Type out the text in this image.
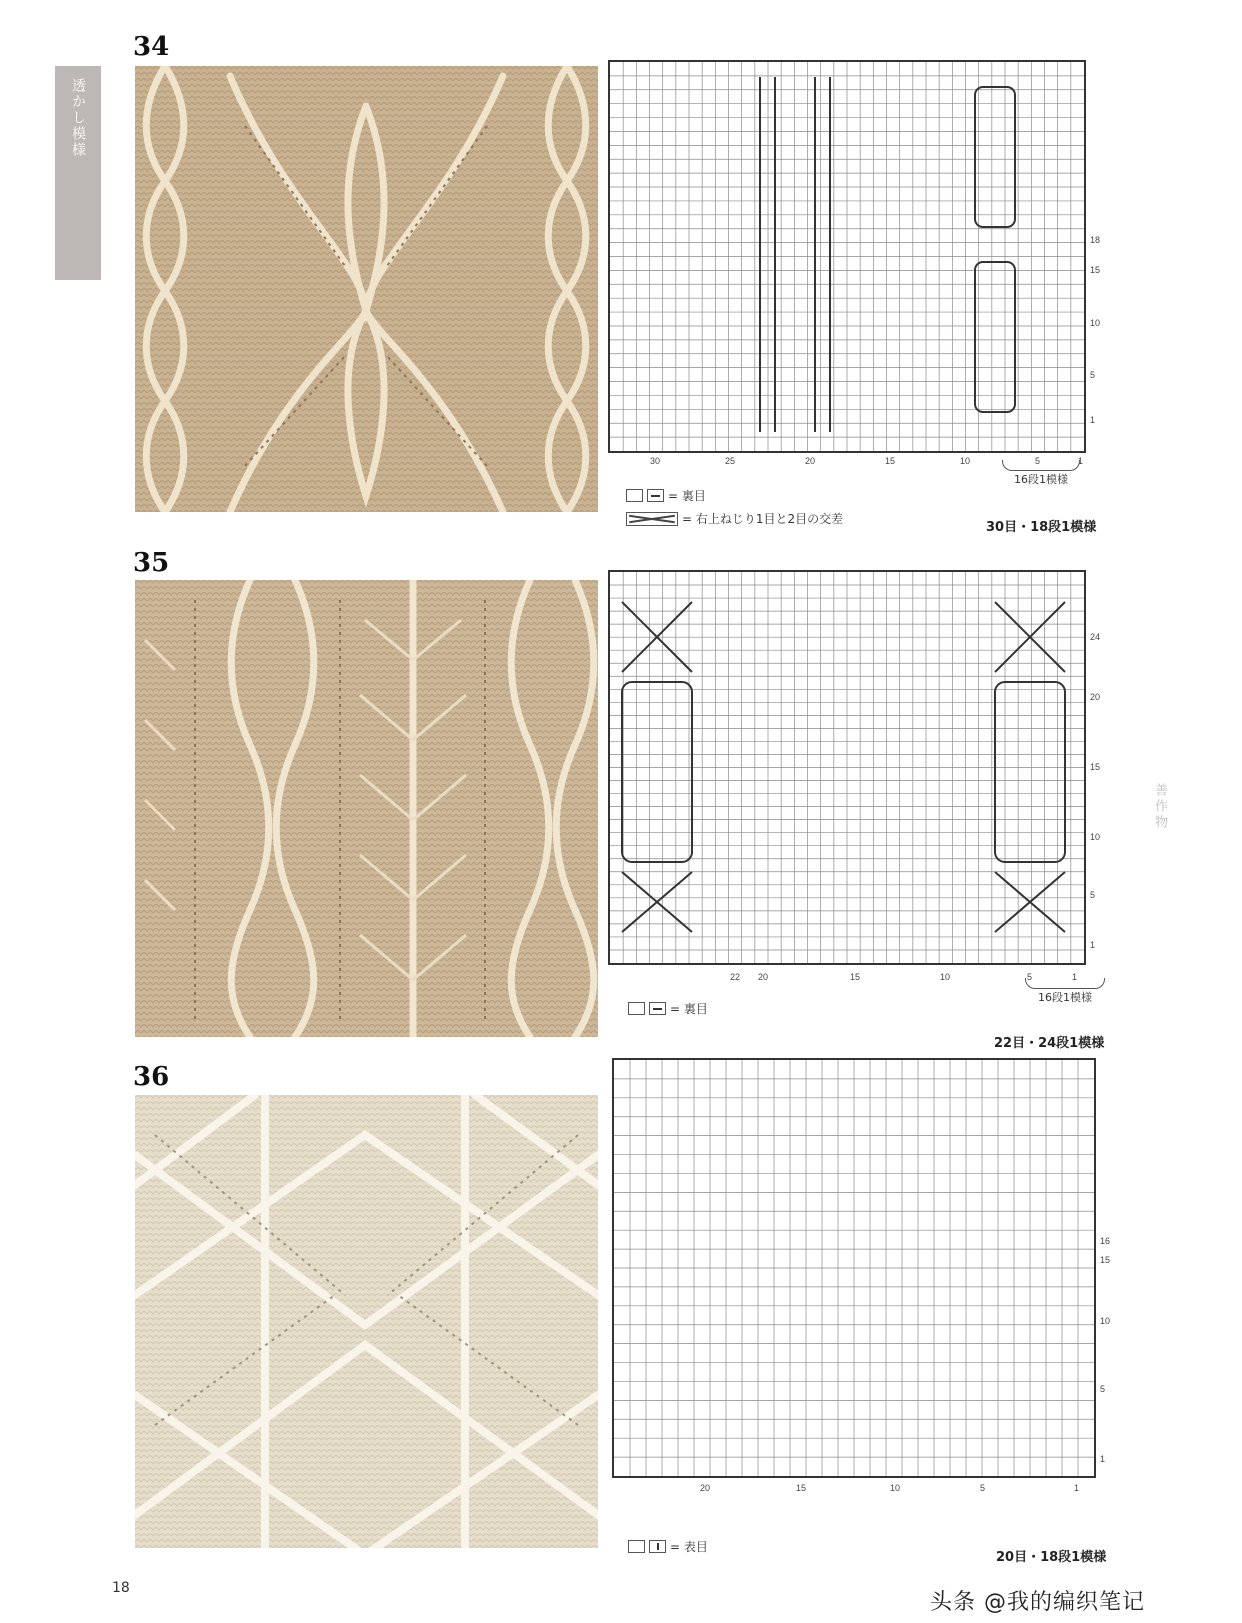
透かし模様
34
18
15
10
5
1
30	25	20	15	10	5	1
16段1模様
= 裏目
= 右上ねじり1目と2目の交差
30目・18段1模様
35
24
20
15
10
5
1
22 20	15	10	5	1
16段1模様
= 裏目
22目・24段1模様
36
16
15
10
5
1
20	15	10	5	1
= 表目
20目・18段1模様
善作物
18
头条 @我的编织笔记
